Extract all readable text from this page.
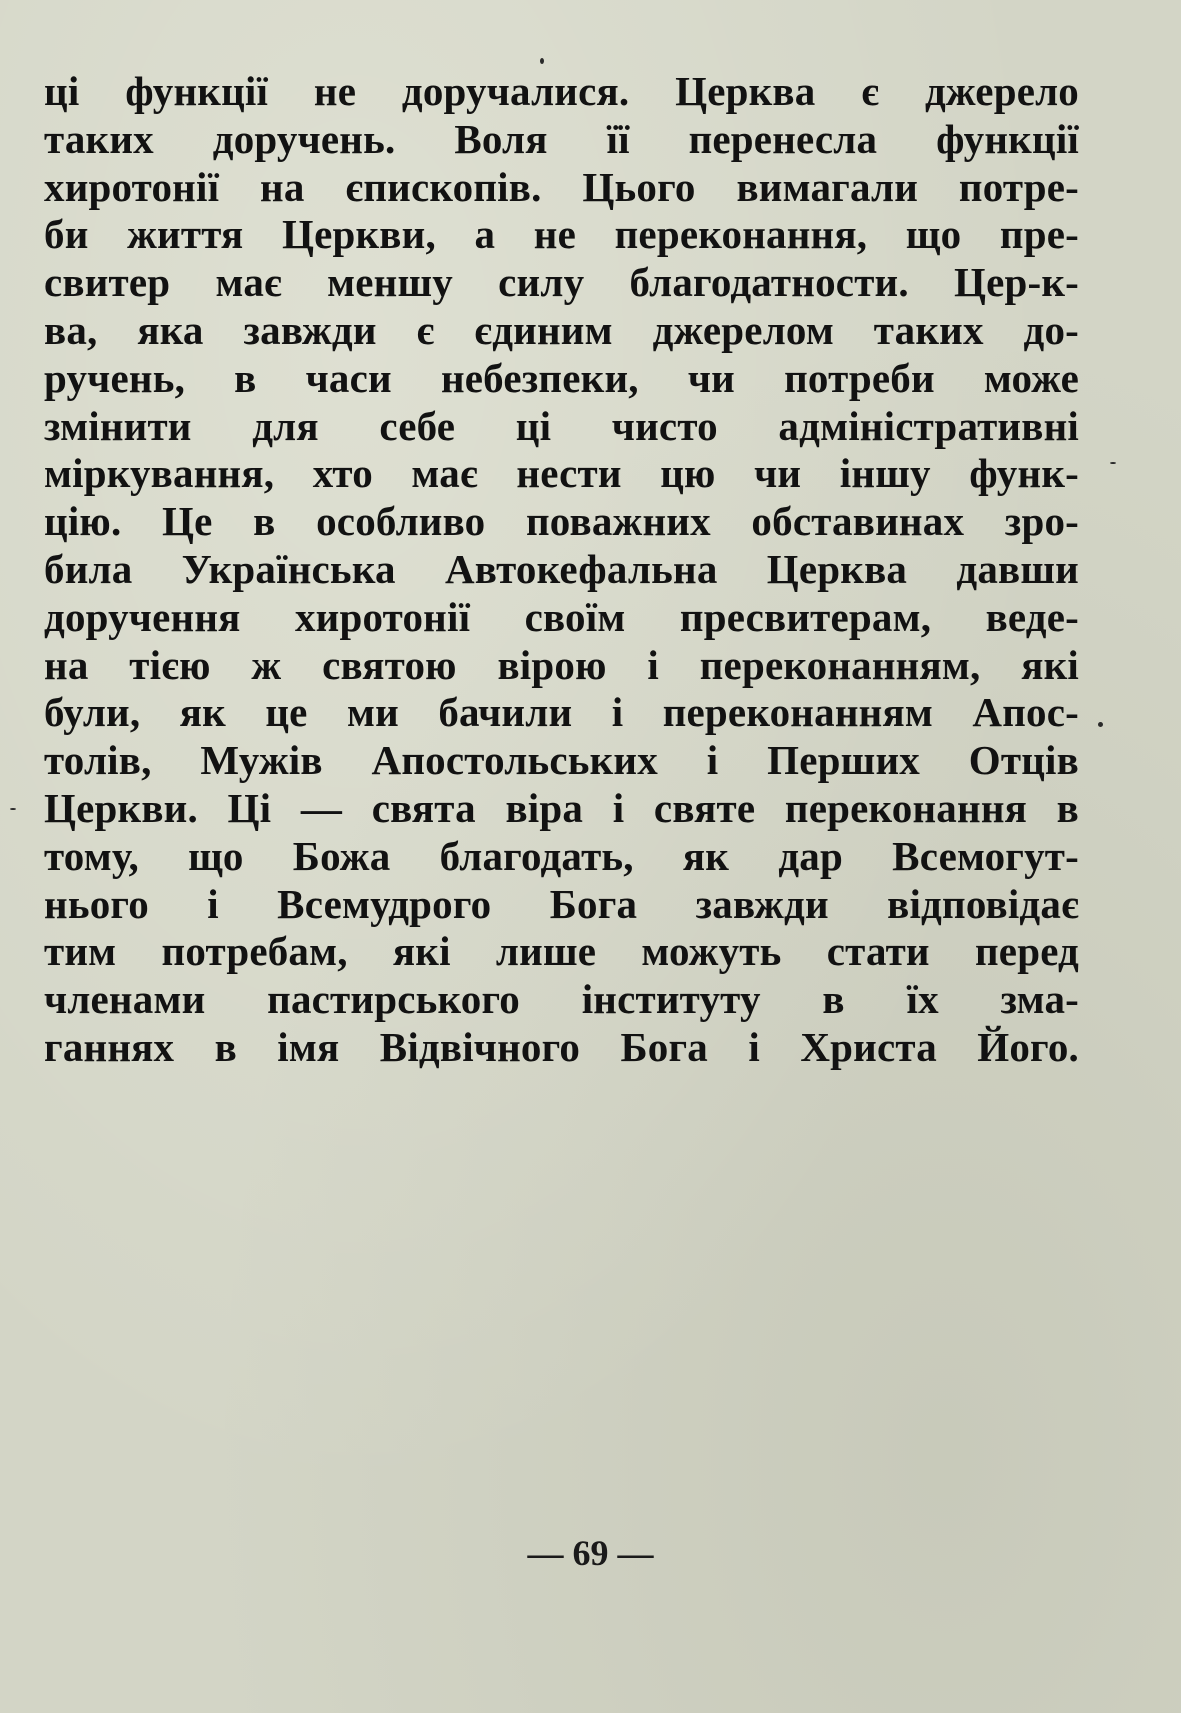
ці функції не доручалися. Церква є джерело
таких доручень. Воля її перенесла функції
хиротонії на єпископів. Цього вимагали потре-
би життя Церкви, а не переконання, що пре-
свитер має меншу силу благодатности. Цер-к-
ва, яка завжди є єдиним джерелом таких до-
ручень, в часи небезпеки, чи потреби може
змінити для себе ці чисто адміністративні
міркування, хто має нести цю чи іншу функ-
цію. Це в особливо поважних обставинах зро-
била Українська Автокефальна Церква давши
доручення хиротонії своїм пресвитерам, веде-
на тією ж святою вірою і переконанням, які
були, як це ми бачили і переконанням Апос-
толів, Мужів Апостольських і Перших Отців
Церкви. Ці — свята віра і святе переконання в
тому, що Божа благодать, як дар Всемогут-
нього і Всемудрого Бога завжди відповідає
тим потребам, які лише можуть стати перед
членами пастирського інституту в їх зма-
ганнях в імя Відвічного Бога і Христа Його.
— 69 —
